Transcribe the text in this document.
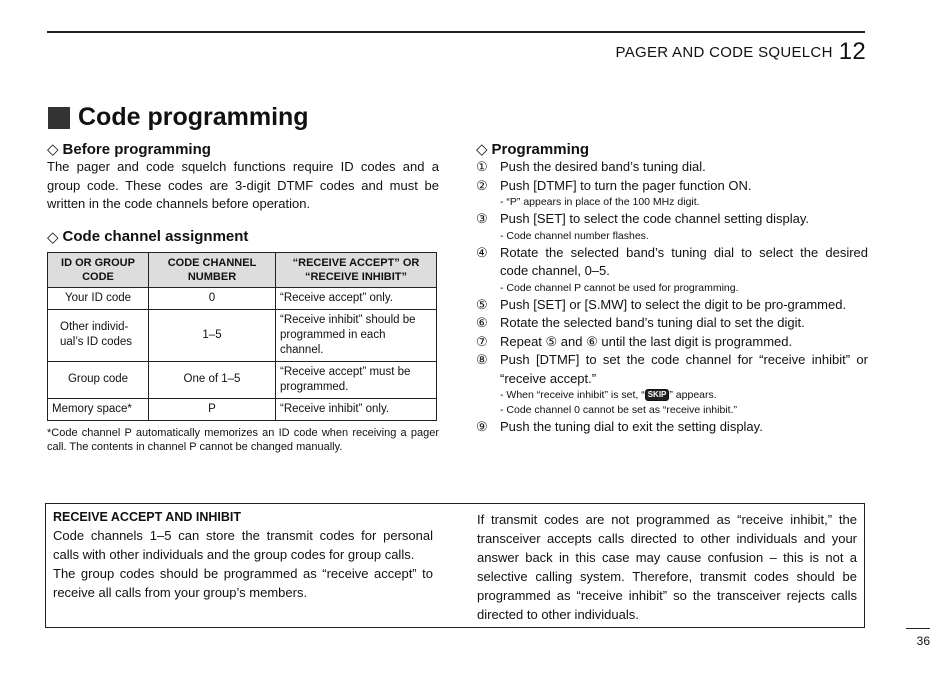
PAGER AND CODE SQUELCH 12
Code programming
◇ Before programming
The pager and code squelch functions require ID codes and a group code. These codes are 3-digit DTMF codes and must be written in the code channels before operation.
◇ Code channel assignment
ID OR GROUP CODE	CODE CHANNEL NUMBER	“RECEIVE ACCEPT” OR “RECEIVE INHIBIT”
Your ID code	0	“Receive accept” only.
Other individ-ual’s ID codes	1–5	“Receive inhibit” should be programmed in each channel.
Group code	One of 1–5	“Receive accept” must be programmed.
Memory space*	P	“Receive inhibit” only.
*Code channel P automatically memorizes an ID code when receiving a pager call. The contents in channel P cannot be changed manually.
◇ Programming
① Push the desired band’s tuning dial.
② Push [DTMF] to turn the pager function ON.
- “P” appears in place of the 100 MHz digit.
③ Push [SET] to select the code channel setting display.
- Code channel number flashes.
④ Rotate the selected band’s tuning dial to select the desired code channel, 0–5.
- Code channel P cannot be used for programming.
⑤ Push [SET] or [S.MW] to select the digit to be pro-grammed.
⑥ Rotate the selected band’s tuning dial to set the digit.
⑦ Repeat ⑤ and ⑥ until the last digit is programmed.
⑧ Push [DTMF] to set the code channel for “receive inhibit” or “receive accept.”
- When “receive inhibit” is set, “ SKIP ” appears.
- Code channel 0 cannot be set as “receive inhibit.”
⑨ Push the tuning dial to exit the setting display.
RECEIVE ACCEPT AND INHIBIT
Code channels 1–5 can store the transmit codes for personal calls with other individuals and the group codes for group calls.
The group codes should be programmed as “receive accept” to receive all calls from your group’s members.
If transmit codes are not programmed as “receive inhibit,” the transceiver accepts calls directed to other individuals and your answer back in this case may cause confusion – this is not a selective calling system. Therefore, transmit codes should be programmed as “receive inhibit” so the transceiver rejects calls directed to other individuals.
36
